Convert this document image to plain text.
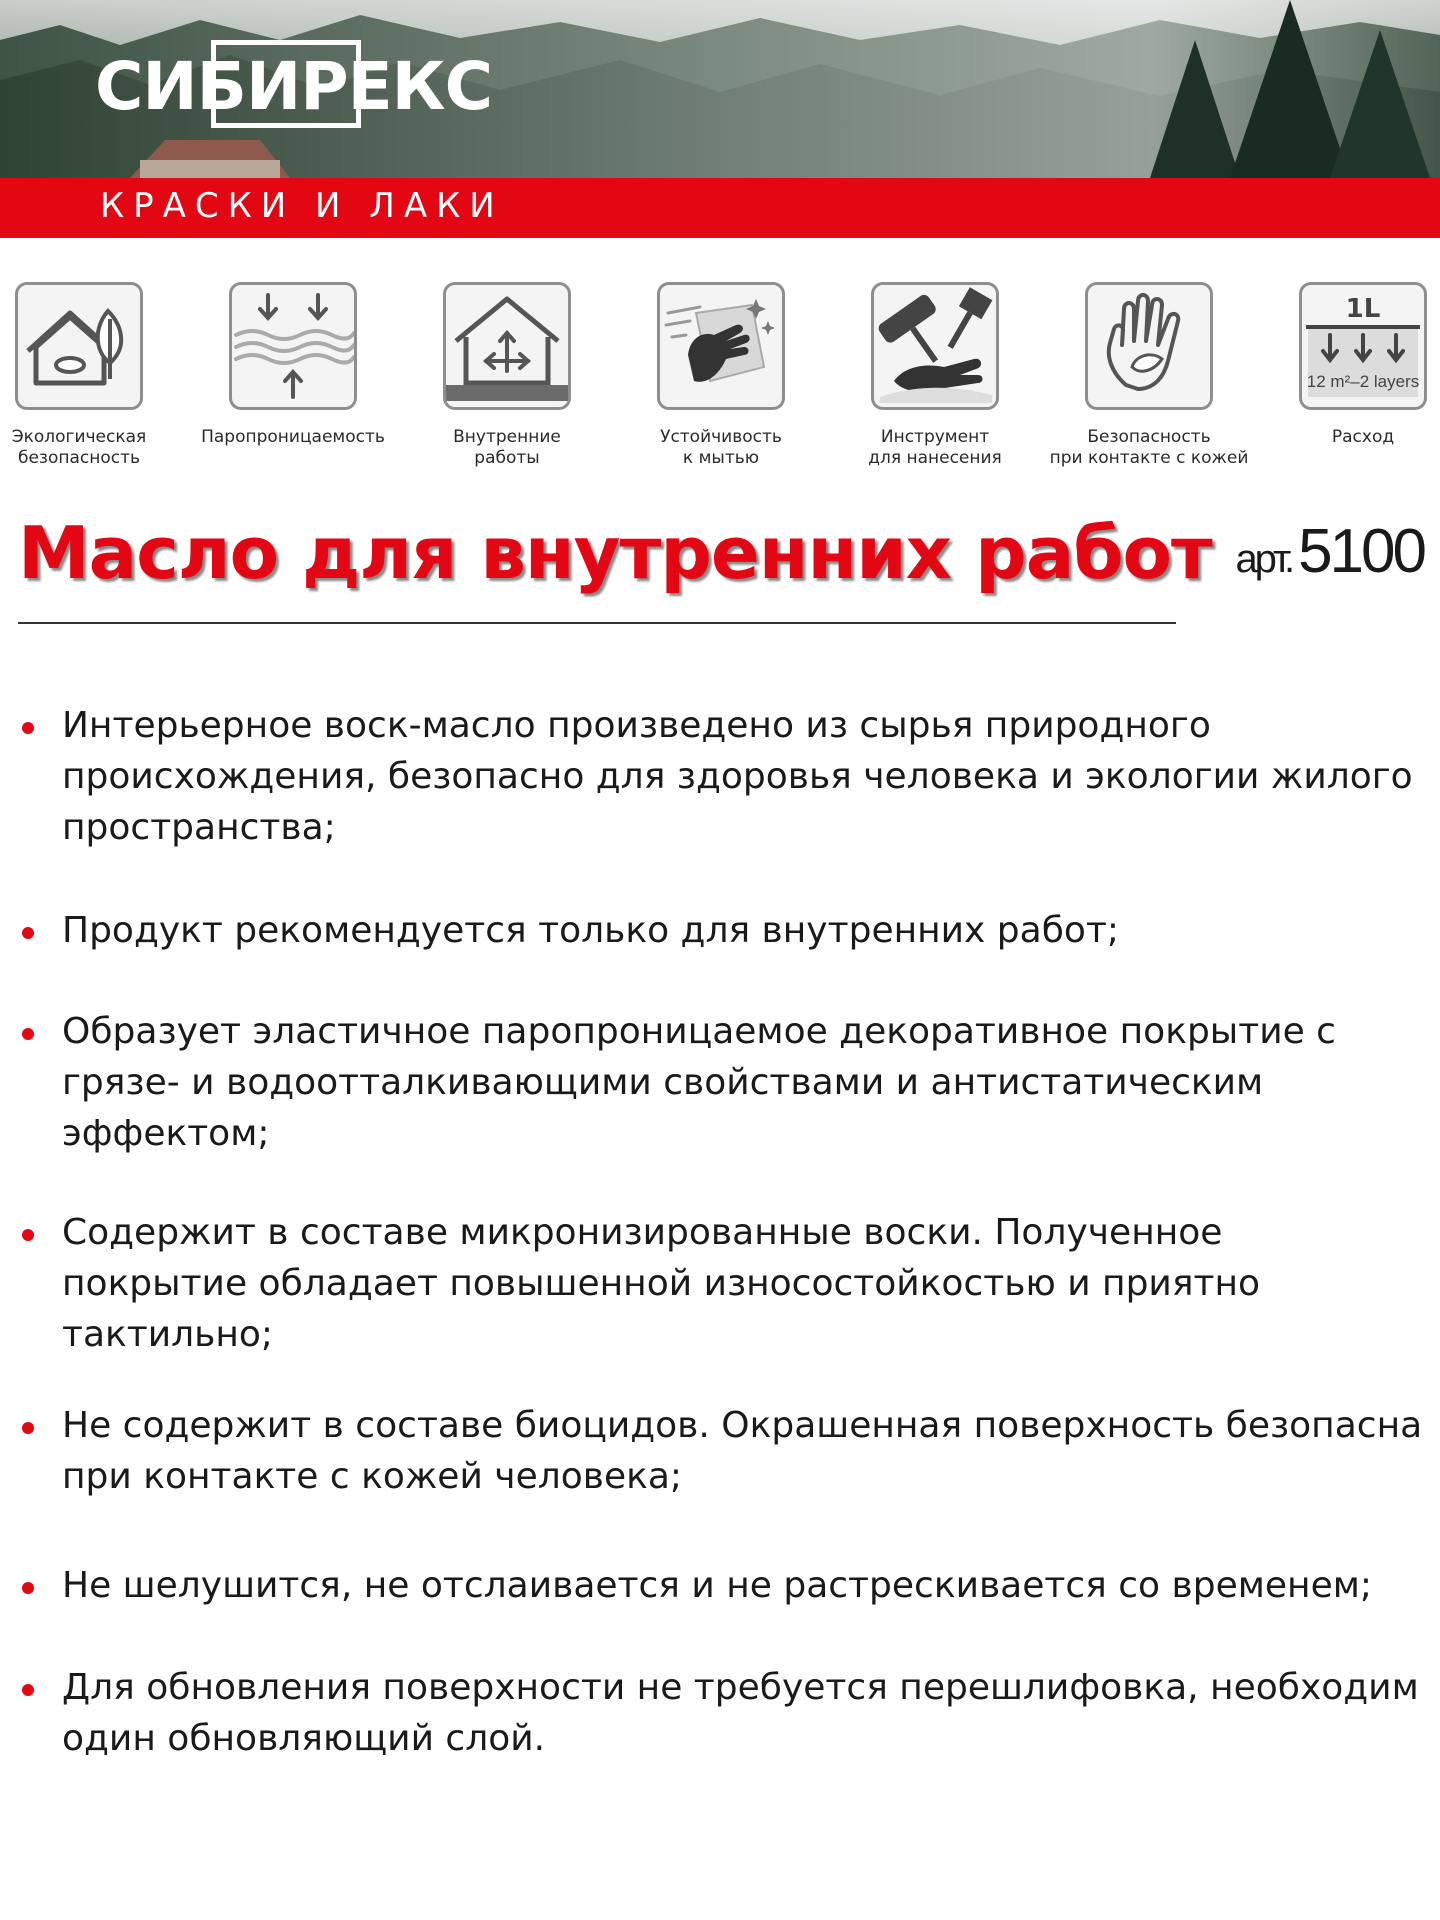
СИБИРЕКС
КРАСКИ И ЛАКИ
Экологическая
безопасность
Паропроницаемость	Внутренние
работы
Устойчивость
к мытью
Инструмент
для нанесения
Безопасность
при контакте с кожей
1L
12 m²–2 layers
Расход
Масло для внутренних работ арт.5100
Интерьерное воск-масло произведено из сырья природного
происхождения, безопасно для здоровья человека и экологии жилого
пространства;
Продукт рекомендуется только для внутренних работ;
Образует эластичное паропроницаемое декоративное покрытие с
грязе- и водоотталкивающими свойствами и антистатическим
эффектом;
Содержит в составе микронизированные воски. Полученное
покрытие обладает повышенной износостойкостью и приятно
тактильно;
Не содержит в составе биоцидов. Окрашенная поверхность безопасна
при контакте с кожей человека;
Не шелушится, не отслаивается и не растрескивается со временем;
Для обновления поверхности не требуется перешлифовка, необходим
один обновляющий слой.
